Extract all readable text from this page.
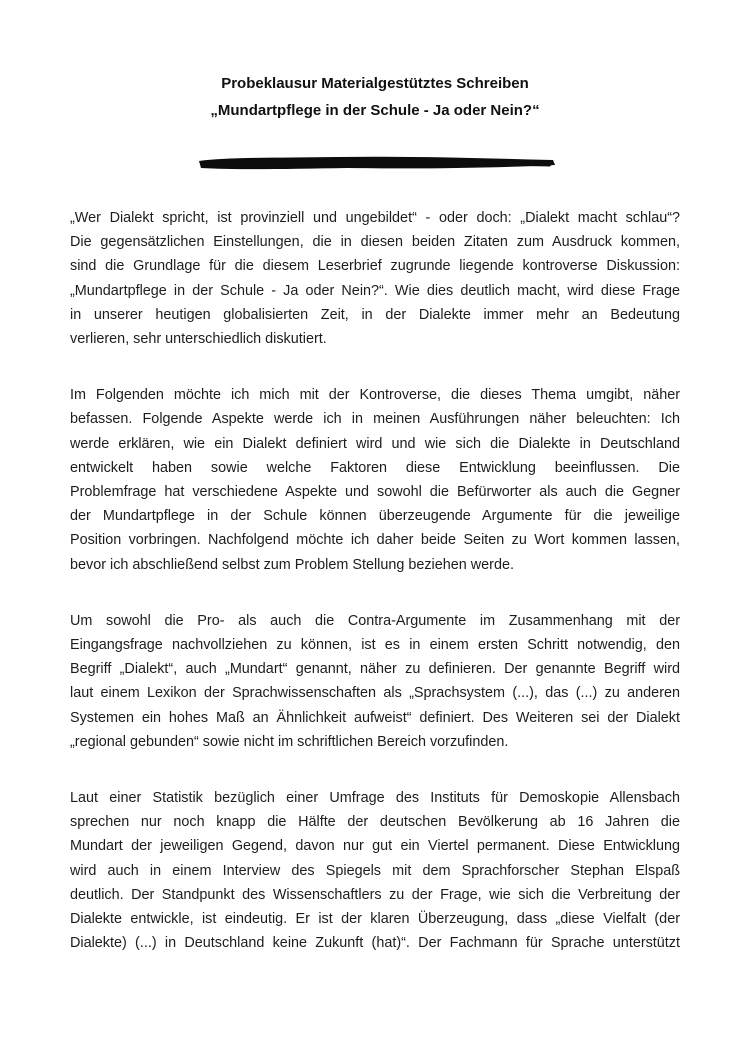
Probeklausur Materialgestütztes Schreiben
„Mundartpflege in der Schule - Ja oder Nein?“

„Wer Dialekt spricht, ist provinziell und ungebildet“ - oder doch: „Dialekt macht schlau“?
Die gegensätzlichen Einstellungen, die in diesen beiden Zitaten zum Ausdruck kommen,
sind die Grundlage für die diesem Leserbrief zugrunde liegende kontroverse Diskussion:
„Mundartpflege in der Schule - Ja oder Nein?“. Wie dies deutlich macht, wird diese Frage
in unserer heutigen globalisierten Zeit, in der Dialekte immer mehr an Bedeutung
verlieren, sehr unterschiedlich diskutiert.

Im Folgenden möchte ich mich mit der Kontroverse, die dieses Thema umgibt, näher
befassen. Folgende Aspekte werde ich in meinen Ausführungen näher beleuchten: Ich
werde erklären, wie ein Dialekt definiert wird und wie sich die Dialekte in Deutschland
entwickelt haben sowie welche Faktoren diese Entwicklung beeinflussen. Die
Problemfrage hat verschiedene Aspekte und sowohl die Befürworter als auch die Gegner
der Mundartpflege in der Schule können überzeugende Argumente für die jeweilige
Position vorbringen. Nachfolgend möchte ich daher beide Seiten zu Wort kommen lassen,
bevor ich abschließend selbst zum Problem Stellung beziehen werde.

Um sowohl die Pro- als auch die Contra-Argumente im Zusammenhang mit der
Eingangsfrage nachvollziehen zu können, ist es in einem ersten Schritt notwendig, den
Begriff „Dialekt“, auch „Mundart“ genannt, näher zu definieren. Der genannte Begriff wird
laut einem Lexikon der Sprachwissenschaften als „Sprachsystem (...), das (...) zu anderen
Systemen ein hohes Maß an Ähnlichkeit aufweist“ definiert. Des Weiteren sei der Dialekt
„regional gebunden“ sowie nicht im schriftlichen Bereich vorzufinden.

Laut einer Statistik bezüglich einer Umfrage des Instituts für Demoskopie Allensbach
sprechen nur noch knapp die Hälfte der deutschen Bevölkerung ab 16 Jahren die
Mundart der jeweiligen Gegend, davon nur gut ein Viertel permanent. Diese Entwicklung
wird auch in einem Interview des Spiegels mit dem Sprachforscher Stephan Elspaß
deutlich. Der Standpunkt des Wissenschaftlers zu der Frage, wie sich die Verbreitung der
Dialekte entwickle, ist eindeutig. Er ist der klaren Überzeugung, dass „diese Vielfalt (der
Dialekte) (...) in Deutschland keine Zukunft (hat)“. Der Fachmann für Sprache unterstützt
